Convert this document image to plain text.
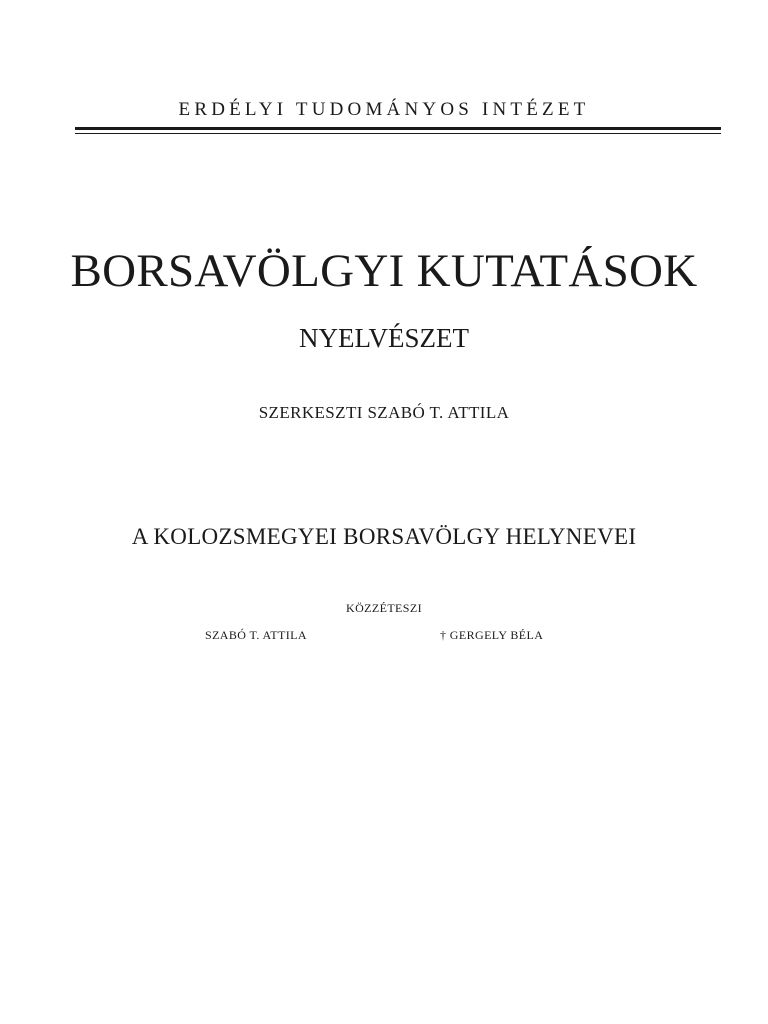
ERDÉLYI TUDOMÁNYOS INTÉZET
BORSAVÖLGYI KUTATÁSOK
NYELVÉSZET
SZERKESZTI SZABÓ T. ATTILA
A KOLOZSMEGYEI BORSAVÖLGY HELYNEVEI
KÖZZÉTESZI
SZABÓ T. ATTILA	† GERGELY BÉLA
